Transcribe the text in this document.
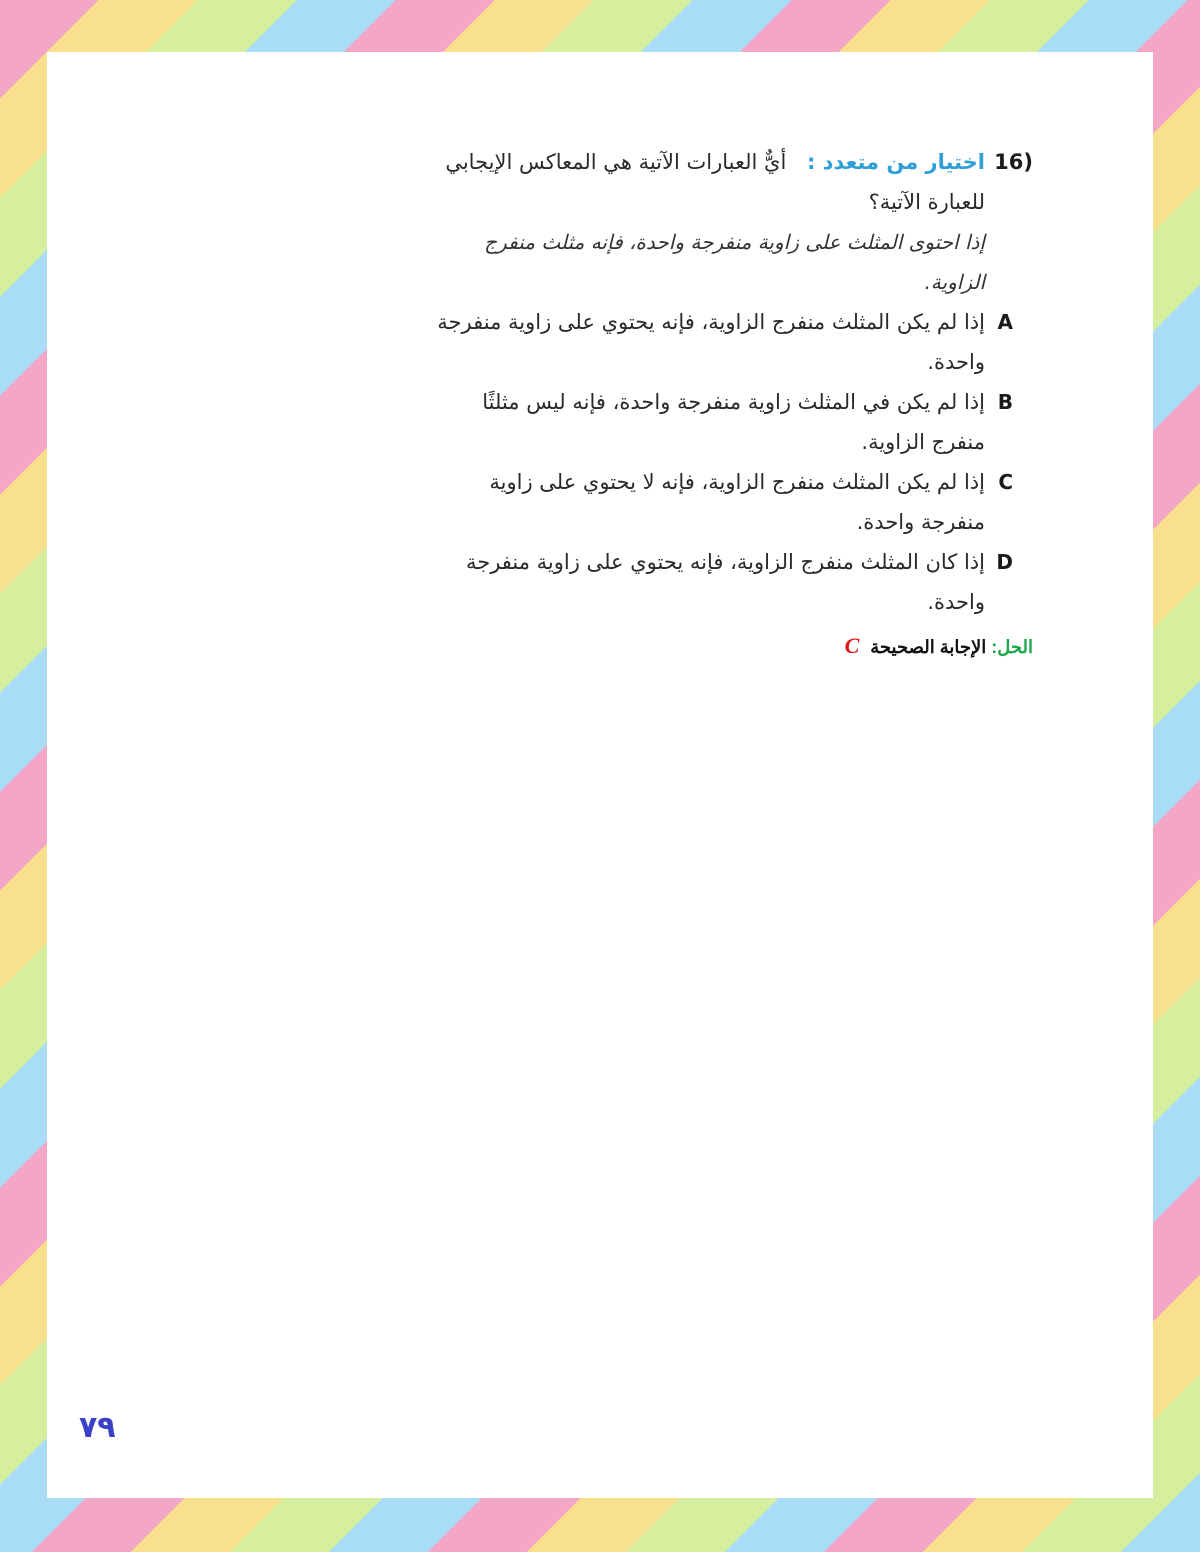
16)
اختيار من متعدد : أيٌّ العبارات الآتية هي المعاكس الإيجابي للعبارة الآتية؟
إذا احتوى المثلث على زاوية منفرجة واحدة، فإنه مثلث منفرج الزاوية.
A
إذا لم يكن المثلث منفرج الزاوية، فإنه يحتوي على زاوية منفرجة واحدة.
B
إذا لم يكن في المثلث زاوية منفرجة واحدة، فإنه ليس مثلثًا منفرج الزاوية.
C
إذا لم يكن المثلث منفرج الزاوية، فإنه لا يحتوي على زاوية منفرجة واحدة.
D
إذا كان المثلث منفرج الزاوية، فإنه يحتوي على زاوية منفرجة واحدة.
الحل: الإجابة الصحيحة C
٧٩
